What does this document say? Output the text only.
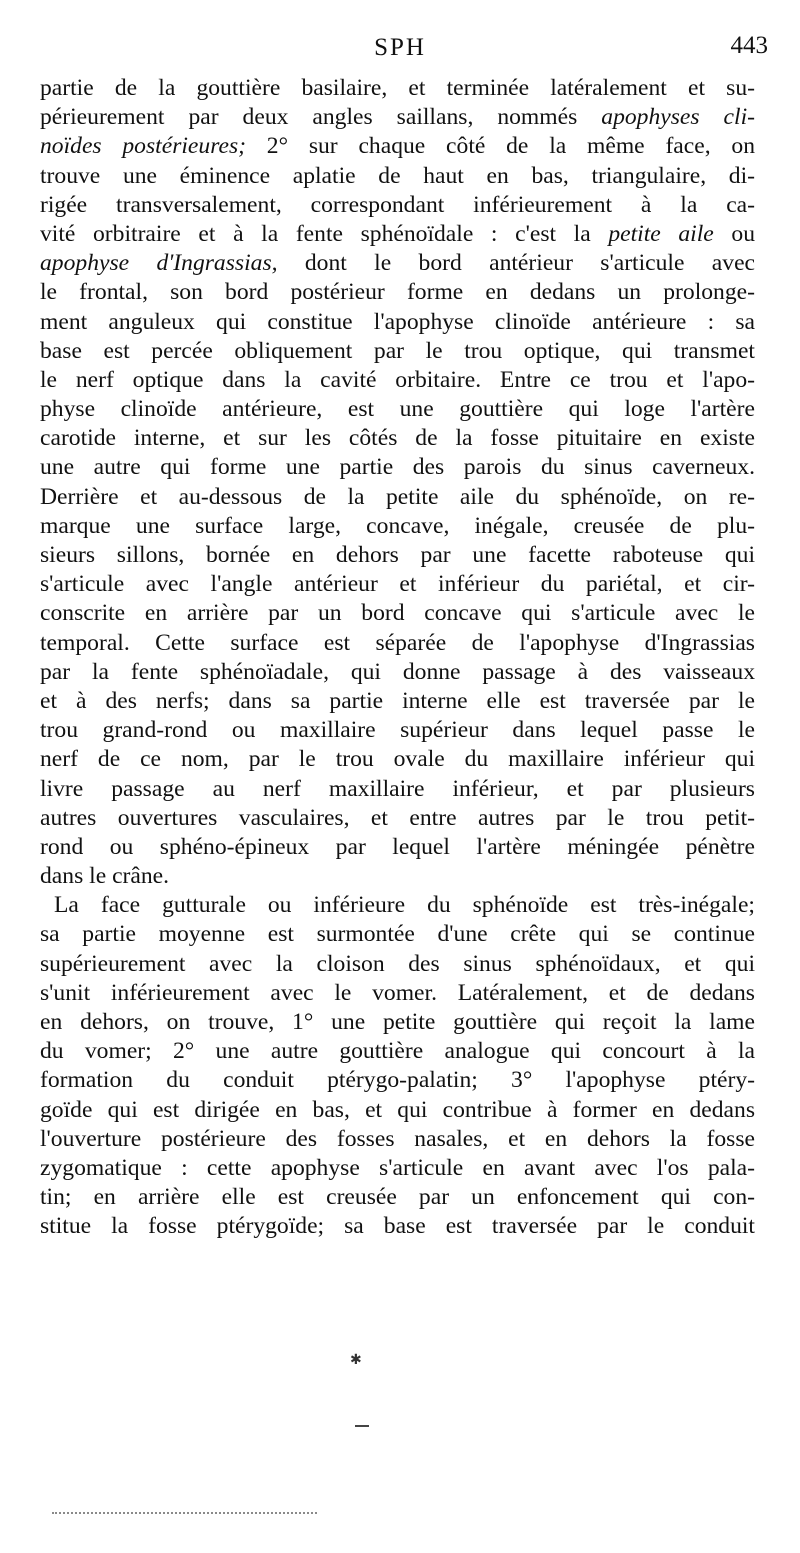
SPH	443
partie de la gouttière basilaire, et terminée latéralement et su-
périeurement par deux angles saillans, nommés apophyses cli-
noïdes postérieures; 2° sur chaque côté de la même face, on
trouve une éminence aplatie de haut en bas, triangulaire, di-
rigée transversalement, correspondant inférieurement à la ca-
vité orbitraire et à la fente sphénoïdale : c'est la petite aile ou
apophyse d'Ingrassias, dont le bord antérieur s'articule avec
le frontal, son bord postérieur forme en dedans un prolonge-
ment anguleux qui constitue l'apophyse clinoïde antérieure : sa
base est percée obliquement par le trou optique, qui transmet
le nerf optique dans la cavité orbitaire. Entre ce trou et l'apo-
physe clinoïde antérieure, est une gouttière qui loge l'artère
carotide interne, et sur les côtés de la fosse pituitaire en existe
une autre qui forme une partie des parois du sinus caverneux.
Derrière et au-dessous de la petite aile du sphénoïde, on re-
marque une surface large, concave, inégale, creusée de plu-
sieurs sillons, bornée en dehors par une facette raboteuse qui
s'articule avec l'angle antérieur et inférieur du pariétal, et cir-
conscrite en arrière par un bord concave qui s'articule avec le
temporal. Cette surface est séparée de l'apophyse d'Ingrassias
par la fente sphénoïadale, qui donne passage à des vaisseaux
et à des nerfs; dans sa partie interne elle est traversée par le
trou grand-rond ou maxillaire supérieur dans lequel passe le
nerf de ce nom, par le trou ovale du maxillaire inférieur qui
livre passage au nerf maxillaire inférieur, et par plusieurs
autres ouvertures vasculaires, et entre autres par le trou petit-
rond ou sphéno-épineux par lequel l'artère méningée pénètre
dans le crâne.
La face gutturale ou inférieure du sphénoïde est très-inégale;
sa partie moyenne est surmontée d'une crête qui se continue
supérieurement avec la cloison des sinus sphénoïdaux, et qui
s'unit inférieurement avec le vomer. Latéralement, et de dedans
en dehors, on trouve, 1° une petite gouttière qui reçoit la lame
du vomer; 2° une autre gouttière analogue qui concourt à la
formation du conduit ptérygo-palatin; 3° l'apophyse ptéry-
goïde qui est dirigée en bas, et qui contribue à former en dedans
l'ouverture postérieure des fosses nasales, et en dehors la fosse
zygomatique : cette apophyse s'articule en avant avec l'os pala-
tin; en arrière elle est creusée par un enfoncement qui con-
stitue la fosse ptérygoïde; sa base est traversée par le conduit
✱
